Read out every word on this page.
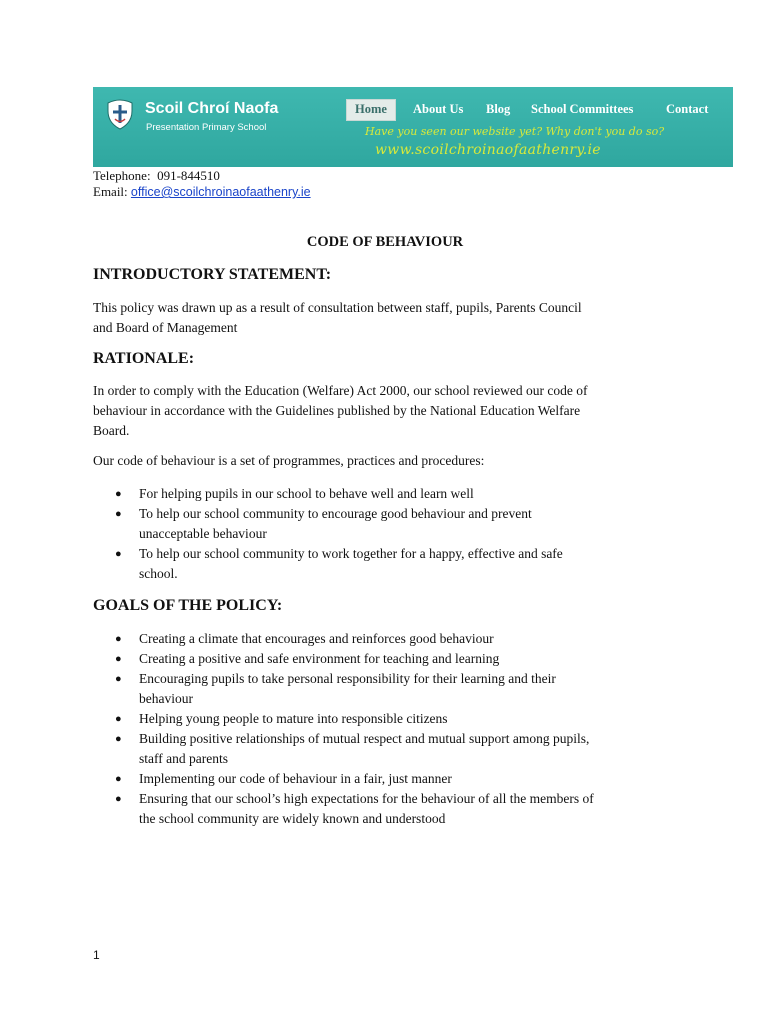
Scoil Chroí Naofa
Presentation Primary School
Home	About Us Blog School Committees	Contact
Have you seen our website yet? Why don't you do so?
www.scoilchroinaofaathenry.ie
Telephone: 091-844510
Email: office@scoilchroinaofaathenry.ie
CODE OF BEHAVIOUR
INTRODUCTORY STATEMENT:
This policy was drawn up as a result of consultation between staff, pupils, Parents Council
and Board of Management
RATIONALE:
In order to comply with the Education (Welfare) Act 2000, our school reviewed our code of
behaviour in accordance with the Guidelines published by the National Education Welfare
Board.
Our code of behaviour is a set of programmes, practices and procedures:
● For helping pupils in our school to behave well and learn well
● To help our school community to encourage good behaviour and prevent
unacceptable behaviour
● To help our school community to work together for a happy, effective and safe
school.
GOALS OF THE POLICY:
● Creating a climate that encourages and reinforces good behaviour
● Creating a positive and safe environment for teaching and learning
● Encouraging pupils to take personal responsibility for their learning and their
behaviour
● Helping young people to mature into responsible citizens
● Building positive relationships of mutual respect and mutual support among pupils,
staff and parents
● Implementing our code of behaviour in a fair, just manner
● Ensuring that our school’s high expectations for the behaviour of all the members of
the school community are widely known and understood
1
